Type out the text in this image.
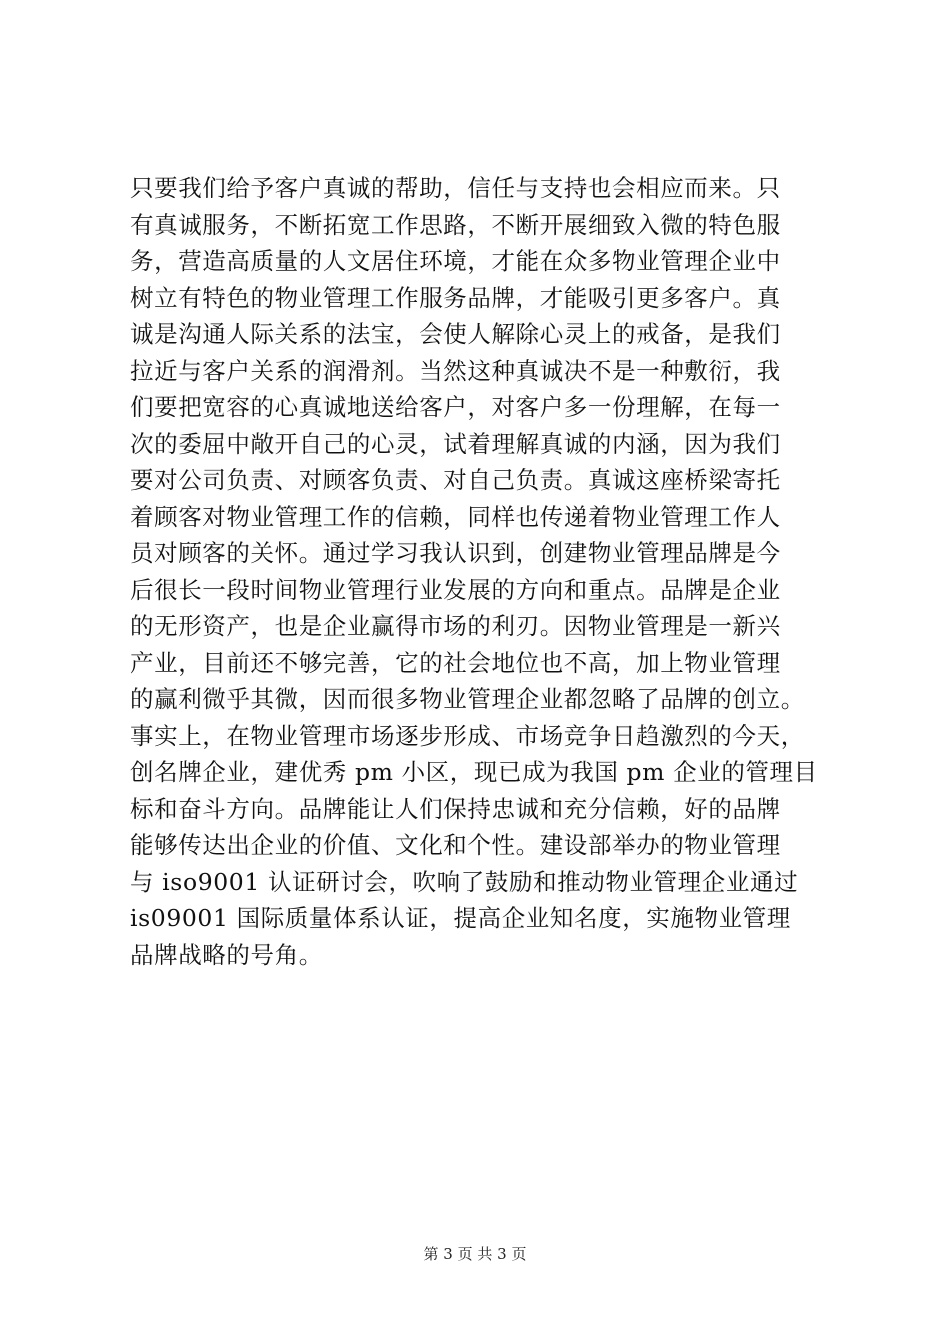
只要我们给予客户真诚的帮助，信任与支持也会相应而来。只
有真诚服务，不断拓宽工作思路，不断开展细致入微的特色服
务，营造高质量的人文居住环境，才能在众多物业管理企业中
树立有特色的物业管理工作服务品牌，才能吸引更多客户。真
诚是沟通人际关系的法宝，会使人解除心灵上的戒备，是我们
拉近与客户关系的润滑剂。当然这种真诚决不是一种敷衍，我
们要把宽容的心真诚地送给客户，对客户多一份理解，在每一
次的委屈中敞开自己的心灵，试着理解真诚的内涵，因为我们
要对公司负责、对顾客负责、对自己负责。真诚这座桥梁寄托
着顾客对物业管理工作的信赖，同样也传递着物业管理工作人
员对顾客的关怀。通过学习我认识到，创建物业管理品牌是今
后很长一段时间物业管理行业发展的方向和重点。品牌是企业
的无形资产，也是企业赢得市场的利刃。因物业管理是一新兴
产业，目前还不够完善，它的社会地位也不高，加上物业管理
的赢利微乎其微，因而很多物业管理企业都忽略了品牌的创立。
事实上，在物业管理市场逐步形成、市场竞争日趋激烈的今天，
创名牌企业，建优秀 pm 小区，现已成为我国 pm 企业的管理目
标和奋斗方向。品牌能让人们保持忠诚和充分信赖，好的品牌
能够传达出企业的价值、文化和个性。建设部举办的物业管理
与 iso9001 认证研讨会，吹响了鼓励和推动物业管理企业通过
is09001 国际质量体系认证，提高企业知名度，实施物业管理
品牌战略的号角。
第 3 页 共 3 页
